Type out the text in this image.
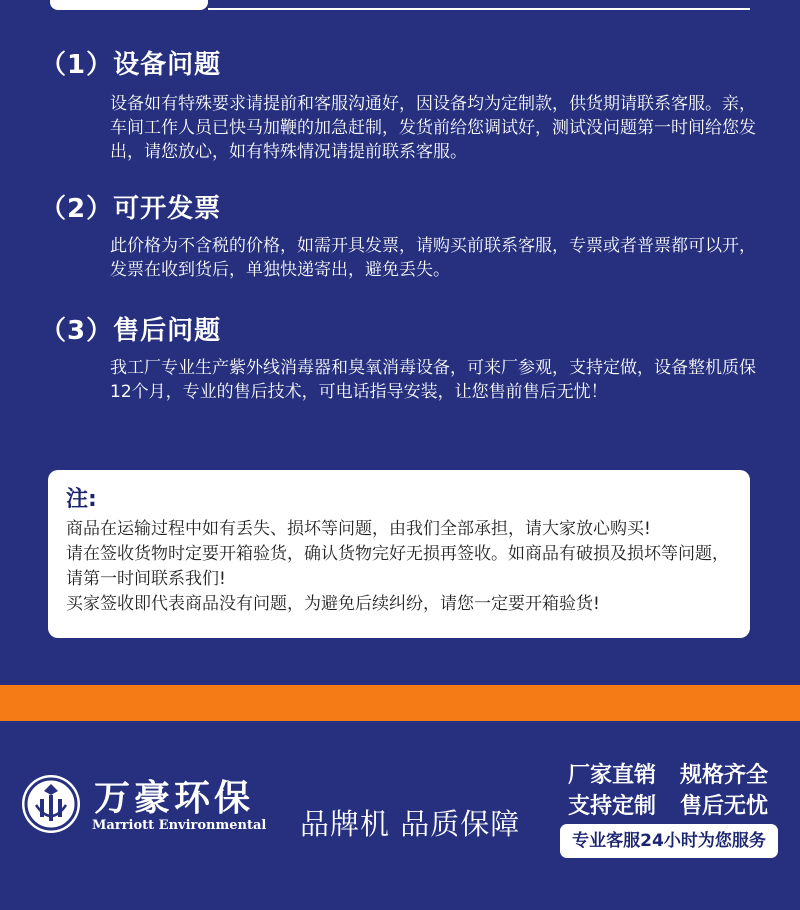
（1）设备问题
设备如有特殊要求请提前和客服沟通好，因设备均为定制款，供货期请联系客服。亲，车间工作人员已快马加鞭的加急赶制，发货前给您调试好，测试没问题第一时间给您发出，请您放心，如有特殊情况请提前联系客服。
（2）可开发票
此价格为不含税的价格，如需开具发票，请购买前联系客服，专票或者普票都可以开，发票在收到货后，单独快递寄出，避免丢失。
（3）售后问题
我工厂专业生产紫外线消毒器和臭氧消毒设备，可来厂参观，支持定做，设备整机质保12个月，专业的售后技术，可电话指导安装，让您售前售后无忧！
注:
商品在运输过程中如有丢失、损坏等问题，由我们全部承担，请大家放心购买!
请在签收货物时定要开箱验货，确认货物完好无损再签收。如商品有破损及损坏等问题，请第一时间联系我们!
买家签收即代表商品没有问题，为避免后续纠纷，请您一定要开箱验货!
万豪环保
Marriott Environmental 品牌机 品质保障
厂家直销 规格齐全
支持定制 售后无忧
专业客服24小时为您服务
